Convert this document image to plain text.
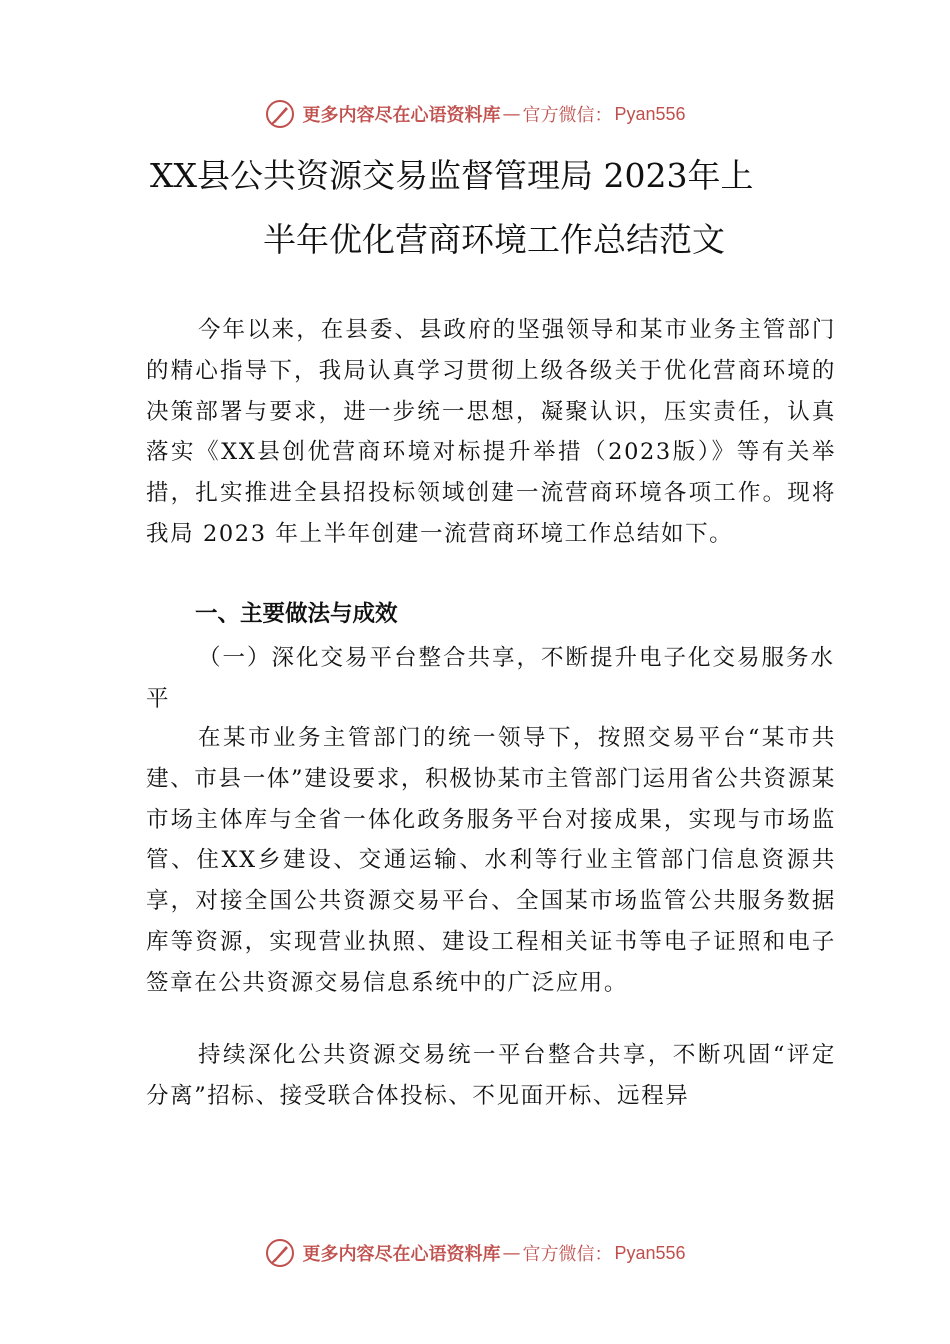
更多内容尽在心语资料库 — 官方微信： Pyan556
XX县公共资源交易监督管理局 2023年上
半年优化营商环境工作总结范文
今年以来，在县委、县政府的坚强领导和某市业务主管部门的精心指导下，我局认真学习贯彻上级各级关于优化营商环境的决策部署与要求，进一步统一思想，凝聚认识，压实责任，认真落实《XX县创优营商环境对标提升举措（2023版）》等有关举措，扎实推进全县招投标领域创建一流营商环境各项工作。现将我局 2023 年上半年创建一流营商环境工作总结如下。
一、主要做法与成效
（一）深化交易平台整合共享，不断提升电子化交易服务水平
在某市业务主管部门的统一领导下，按照交易平台“某市共建、市县一体”建设要求，积极协某市主管部门运用省公共资源某市场主体库与全省一体化政务服务平台对接成果，实现与市场监管、住XX乡建设、交通运输、水利等行业主管部门信息资源共享，对接全国公共资源交易平台、全国某市场监管公共服务数据库等资源，实现营业执照、建设工程相关证书等电子证照和电子签章在公共资源交易信息系统中的广泛应用。
持续深化公共资源交易统一平台整合共享，不断巩固“评定分离”招标、接受联合体投标、不见面开标、远程异
更多内容尽在心语资料库 — 官方微信： Pyan556
